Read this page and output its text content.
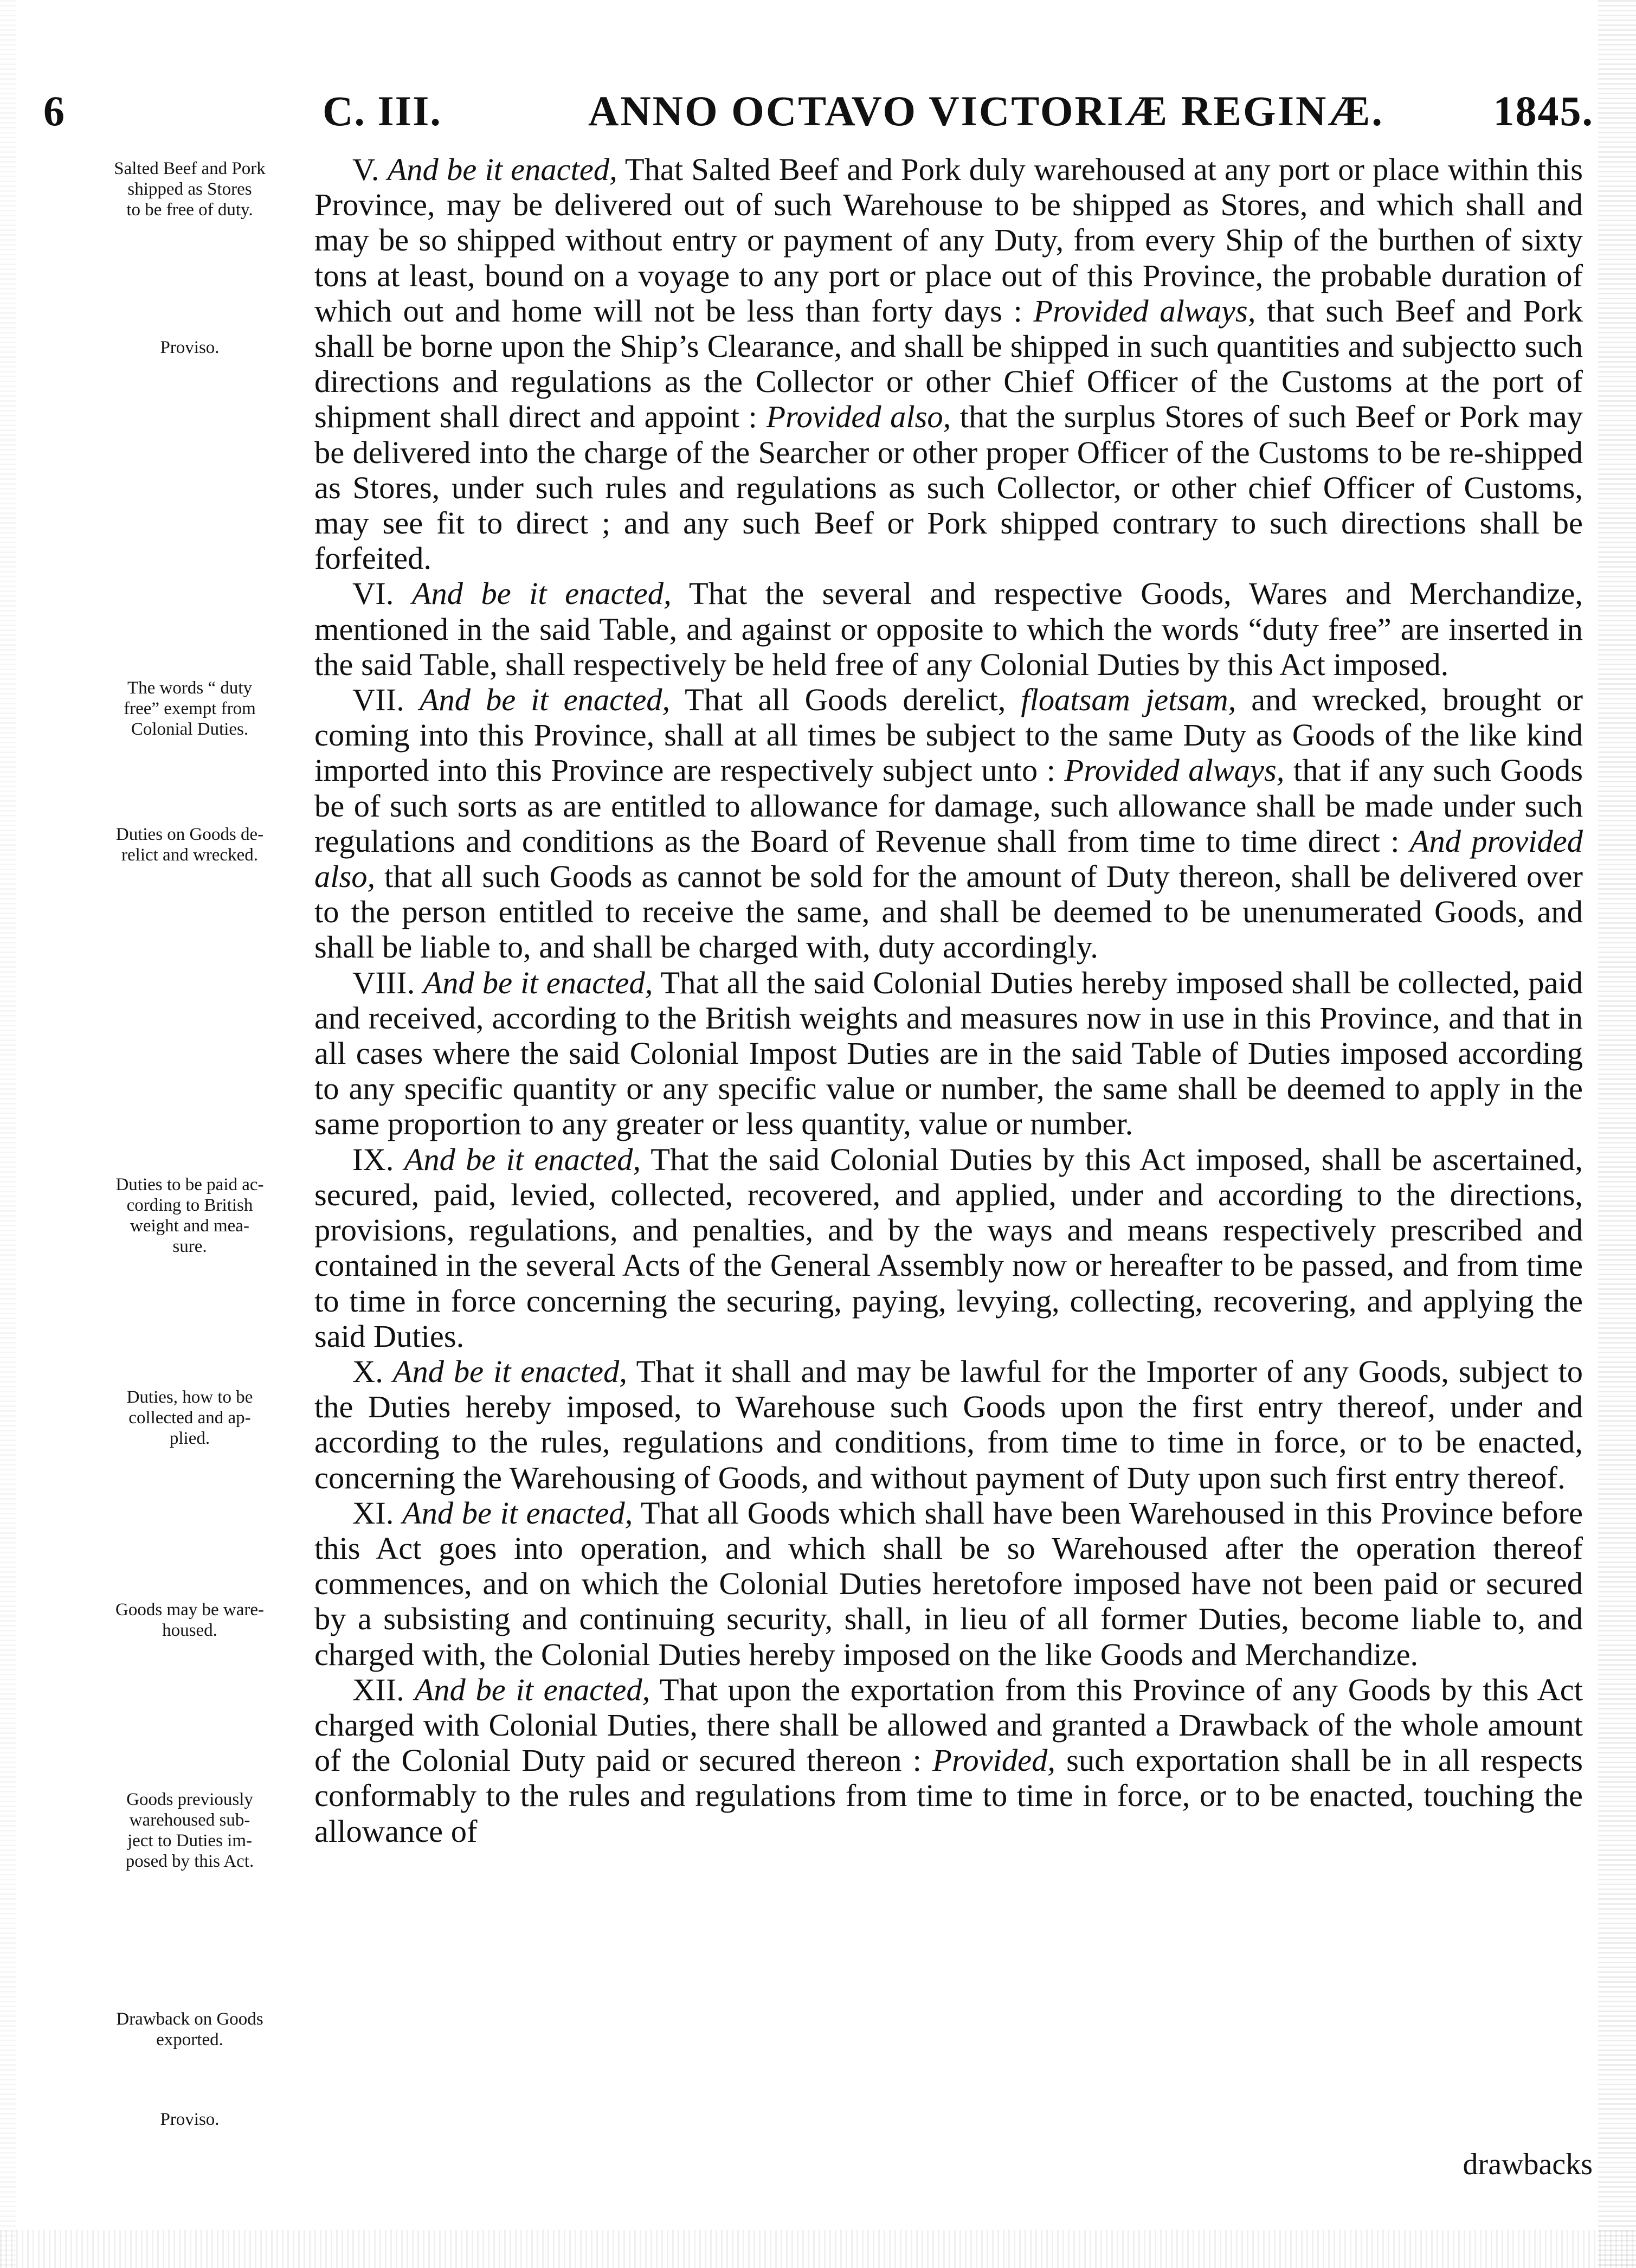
6	C. III.	ANNO OCTAVO VICTORIÆ REGINÆ.	1845.
Salted Beef and Pork
shipped as Stores
to be free of duty.
Proviso.
The words “ duty
free” exempt from
Colonial Duties.
Duties on Goods de-
relict and wrecked.
Duties to be paid ac-
cording to British
weight and mea-
sure.
Duties, how to be
collected and ap-
plied.
Goods may be ware-
housed.
Goods previously
warehoused sub-
ject to Duties im-
posed by this Act.
Drawback on Goods
exported.
Proviso.

V. And be it enacted, That Salted Beef and Pork duly warehoused at any port or place within this Province, may be delivered out of such Warehouse to be shipped as Stores, and which shall and may be so shipped without entry or payment of any Duty, from every Ship of the burthen of sixty tons at least, bound on a voyage to any port or place out of this Province, the probable duration of which out and home will not be less than forty days : Provided always, that such Beef and Pork shall be borne upon the Ship’s Clearance, and shall be shipped in such quantities and subjectto such directions and regulations as the Collector or other Chief Officer of the Customs at the port of shipment shall direct and appoint : Provided also, that the surplus Stores of such Beef or Pork may be delivered into the charge of the Searcher or other proper Officer of the Customs to be re-shipped as Stores, under such rules and regulations as such Collector, or other chief Officer of Customs, may see fit to direct ; and any such Beef or Pork shipped contrary to such directions shall be forfeited.

VI. And be it enacted, That the several and respective Goods, Wares and Merchandize, mentioned in the said Table, and against or opposite to which the words “duty free” are inserted in the said Table, shall respectively be held free of any Colonial Duties by this Act imposed.

VII. And be it enacted, That all Goods derelict, floatsam jetsam, and wrecked, brought or coming into this Province, shall at all times be subject to the same Duty as Goods of the like kind imported into this Province are respectively subject unto : Provided always, that if any such Goods be of such sorts as are entitled to allowance for damage, such allowance shall be made under such regulations and conditions as the Board of Revenue shall from time to time direct : And provided also, that all such Goods as cannot be sold for the amount of Duty thereon, shall be delivered over to the person entitled to receive the same, and shall be deemed to be unenumerated Goods, and shall be liable to, and shall be charged with, duty accordingly.

VIII. And be it enacted, That all the said Colonial Duties hereby imposed shall be collected, paid and received, according to the British weights and measures now in use in this Province, and that in all cases where the said Colonial Impost Duties are in the said Table of Duties imposed according to any specific quantity or any specific value or number, the same shall be deemed to apply in the same proportion to any greater or less quantity, value or number.

IX. And be it enacted, That the said Colonial Duties by this Act imposed, shall be ascertained, secured, paid, levied, collected, recovered, and applied, under and according to the directions, provisions, regulations, and penalties, and by the ways and means respectively prescribed and contained in the several Acts of the General Assembly now or hereafter to be passed, and from time to time in force concerning the securing, paying, levying, collecting, recovering, and applying the said Duties.

X. And be it enacted, That it shall and may be lawful for the Importer of any Goods, subject to the Duties hereby imposed, to Warehouse such Goods upon the first entry thereof, under and according to the rules, regulations and conditions, from time to time in force, or to be enacted, concerning the Warehousing of Goods, and without payment of Duty upon such first entry thereof.

XI. And be it enacted, That all Goods which shall have been Warehoused in this Province before this Act goes into operation, and which shall be so Warehoused after the operation thereof commences, and on which the Colonial Duties heretofore imposed have not been paid or secured by a subsisting and continuing security, shall, in lieu of all former Duties, become liable to, and charged with, the Colonial Duties hereby imposed on the like Goods and Merchandize.

XII. And be it enacted, That upon the exportation from this Province of any Goods by this Act charged with Colonial Duties, there shall be allowed and granted a Drawback of the whole amount of the Colonial Duty paid or secured thereon : Provided, such exportation shall be in all respects conformably to the rules and regulations from time to time in force, or to be enacted, touching the allowance of

drawbacks
